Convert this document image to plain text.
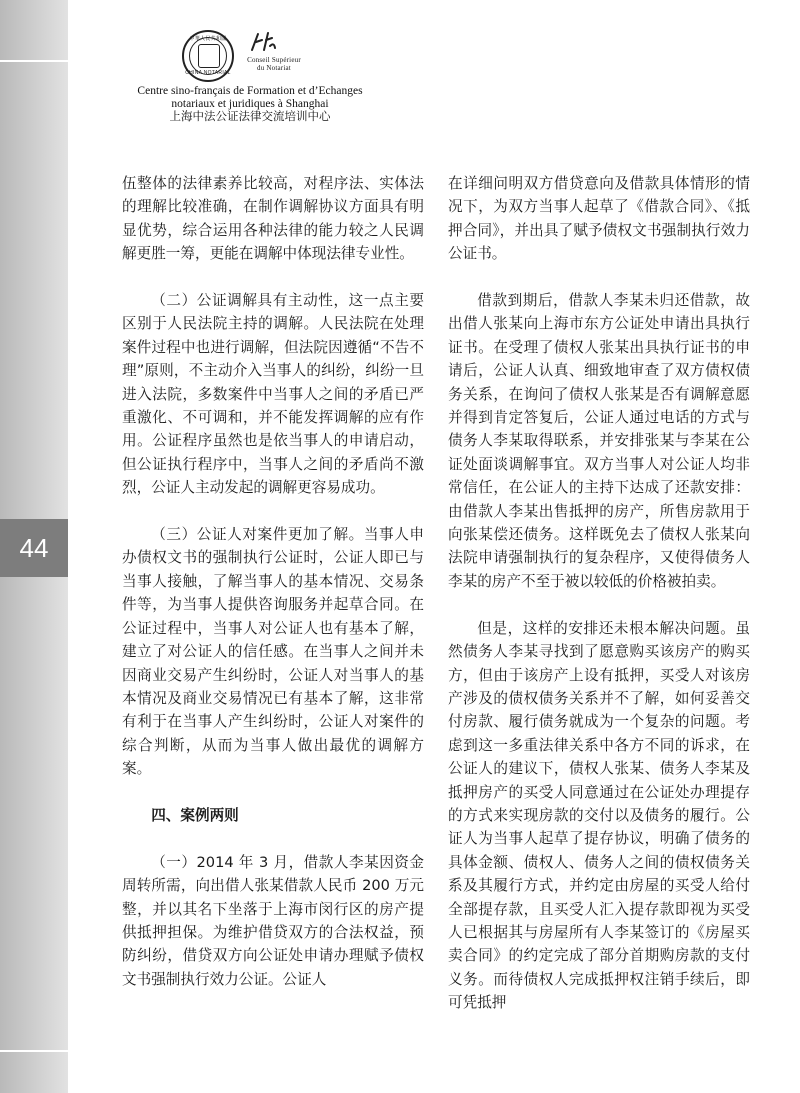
44
中華人民共和國
CHINA NOTARIAL
Conseil Supérieur
du Notariat
Centre sino-français de Formation et d’Echanges
notariaux et juridiques à Shanghai
上海中法公证法律交流培训中心

伍整体的法律素养比较高，对程序法、实体法的理解比较准确，在制作调解协议方面具有明显优势，综合运用各种法律的能力较之人民调解更胜一筹，更能在调解中体现法律专业性。

（二）公证调解具有主动性，这一点主要区别于人民法院主持的调解。人民法院在处理案件过程中也进行调解，但法院因遵循“不告不理”原则，不主动介入当事人的纠纷，纠纷一旦进入法院，多数案件中当事人之间的矛盾已严重激化、不可调和，并不能发挥调解的应有作用。公证程序虽然也是依当事人的申请启动，但公证执行程序中，当事人之间的矛盾尚不激烈，公证人主动发起的调解更容易成功。

（三）公证人对案件更加了解。当事人申办债权文书的强制执行公证时，公证人即已与当事人接触，了解当事人的基本情况、交易条件等，为当事人提供咨询服务并起草合同。在公证过程中，当事人对公证人也有基本了解，建立了对公证人的信任感。在当事人之间并未因商业交易产生纠纷时，公证人对当事人的基本情况及商业交易情况已有基本了解，这非常有利于在当事人产生纠纷时，公证人对案件的综合判断，从而为当事人做出最优的调解方案。

四、案例两则

（一）2014 年 3 月，借款人李某因资金周转所需，向出借人张某借款人民币 200 万元整，并以其名下坐落于上海市闵行区的房产提供抵押担保。为维护借贷双方的合法权益，预防纠纷，借贷双方向公证处申请办理赋予债权文书强制执行效力公证。公证人

在详细问明双方借贷意向及借款具体情形的情况下，为双方当事人起草了《借款合同》、《抵押合同》，并出具了赋予债权文书强制执行效力公证书。

借款到期后，借款人李某未归还借款，故出借人张某向上海市东方公证处申请出具执行证书。在受理了债权人张某出具执行证书的申请后，公证人认真、细致地审查了双方债权债务关系，在询问了债权人张某是否有调解意愿并得到肯定答复后，公证人通过电话的方式与债务人李某取得联系，并安排张某与李某在公证处面谈调解事宜。双方当事人对公证人均非常信任，在公证人的主持下达成了还款安排：由借款人李某出售抵押的房产，所售房款用于向张某偿还债务。这样既免去了债权人张某向法院申请强制执行的复杂程序，又使得债务人李某的房产不至于被以较低的价格被拍卖。

但是，这样的安排还未根本解决问题。虽然债务人李某寻找到了愿意购买该房产的购买方，但由于该房产上设有抵押，买受人对该房产涉及的债权债务关系并不了解，如何妥善交付房款、履行债务就成为一个复杂的问题。考虑到这一多重法律关系中各方不同的诉求，在公证人的建议下，债权人张某、债务人李某及抵押房产的买受人同意通过在公证处办理提存的方式来实现房款的交付以及债务的履行。公证人为当事人起草了提存协议，明确了债务的具体金额、债权人、债务人之间的债权债务关系及其履行方式，并约定由房屋的买受人给付全部提存款，且买受人汇入提存款即视为买受人已根据其与房屋所有人李某签订的《房屋买卖合同》的约定完成了部分首期购房款的支付义务。而待债权人完成抵押权注销手续后，即可凭抵押
